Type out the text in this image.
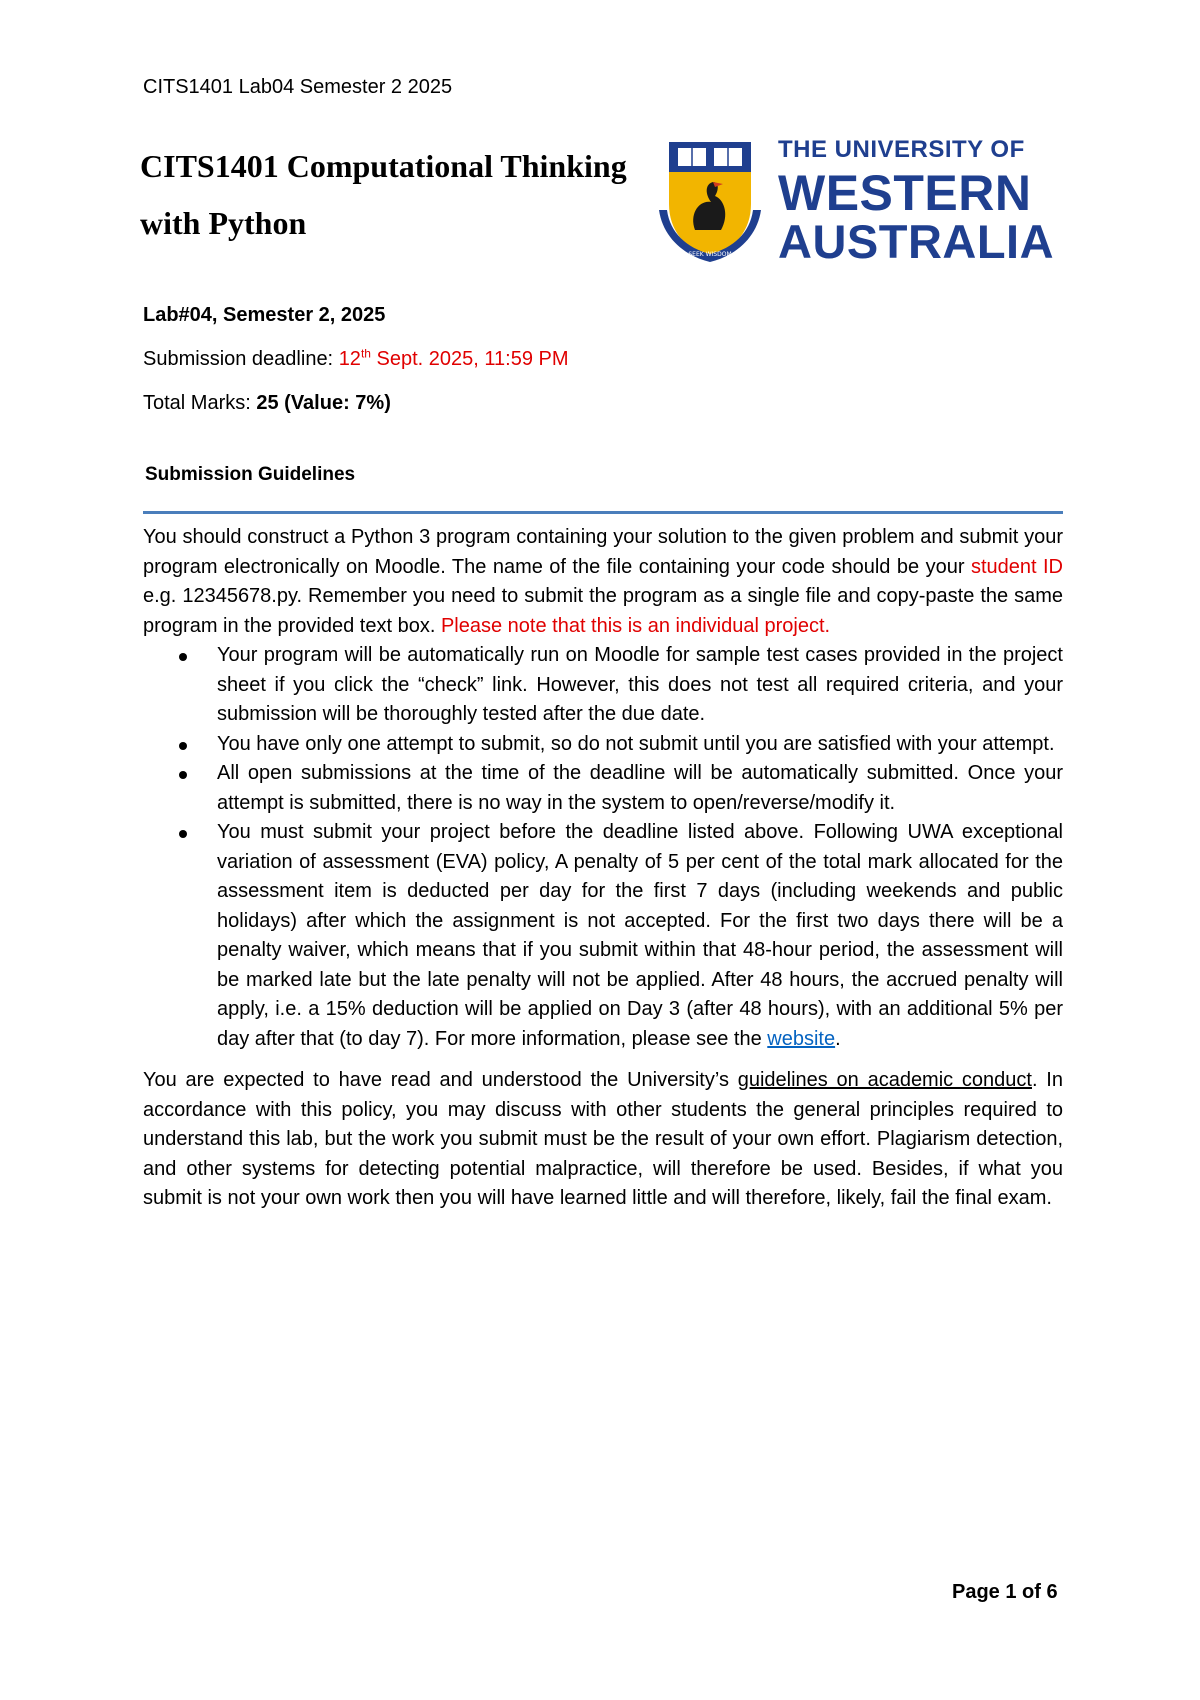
CITS1401 Lab04 Semester 2 2025
CITS1401 Computational Thinking
with Python
SEEK WISDOM
THE UNIVERSITY OF
WESTERN
AUSTRALIA
Lab#04, Semester 2, 2025
Submission deadline: 12th Sept. 2025, 11:59 PM
Total Marks: 25 (Value: 7%)
Submission Guidelines

You should construct a Python 3 program containing your solution to the given problem and submit your program electronically on Moodle. The name of the file containing your code should be your student ID e.g. 12345678.py. Remember you need to submit the program as a single file and copy-paste the same program in the provided text box. Please note that this is an individual project.

Your program will be automatically run on Moodle for sample test cases provided in the project sheet if you click the “check” link. However, this does not test all required criteria, and your submission will be thoroughly tested after the due date.
You have only one attempt to submit, so do not submit until you are satisfied with your attempt.
All open submissions at the time of the deadline will be automatically submitted. Once your attempt is submitted, there is no way in the system to open/reverse/modify it.
You must submit your project before the deadline listed above. Following UWA exceptional variation of assessment (EVA) policy, A penalty of 5 per cent of the total mark allocated for the assessment item is deducted per day for the first 7 days (including weekends and public holidays) after which the assignment is not accepted. For the first two days there will be a penalty waiver, which means that if you submit within that 48-hour period, the assessment will be marked late but the late penalty will not be applied. After 48 hours, the accrued penalty will apply, i.e. a 15% deduction will be applied on Day 3 (after 48 hours), with an additional 5% per day after that (to day 7). For more information, please see the website.

You are expected to have read and understood the University’s guidelines on academic conduct. In accordance with this policy, you may discuss with other students the general principles required to understand this lab, but the work you submit must be the result of your own effort. Plagiarism detection, and other systems for detecting potential malpractice, will therefore be used. Besides, if what you submit is not your own work then you will have learned little and will therefore, likely, fail the final exam.

Page 1 of 6
